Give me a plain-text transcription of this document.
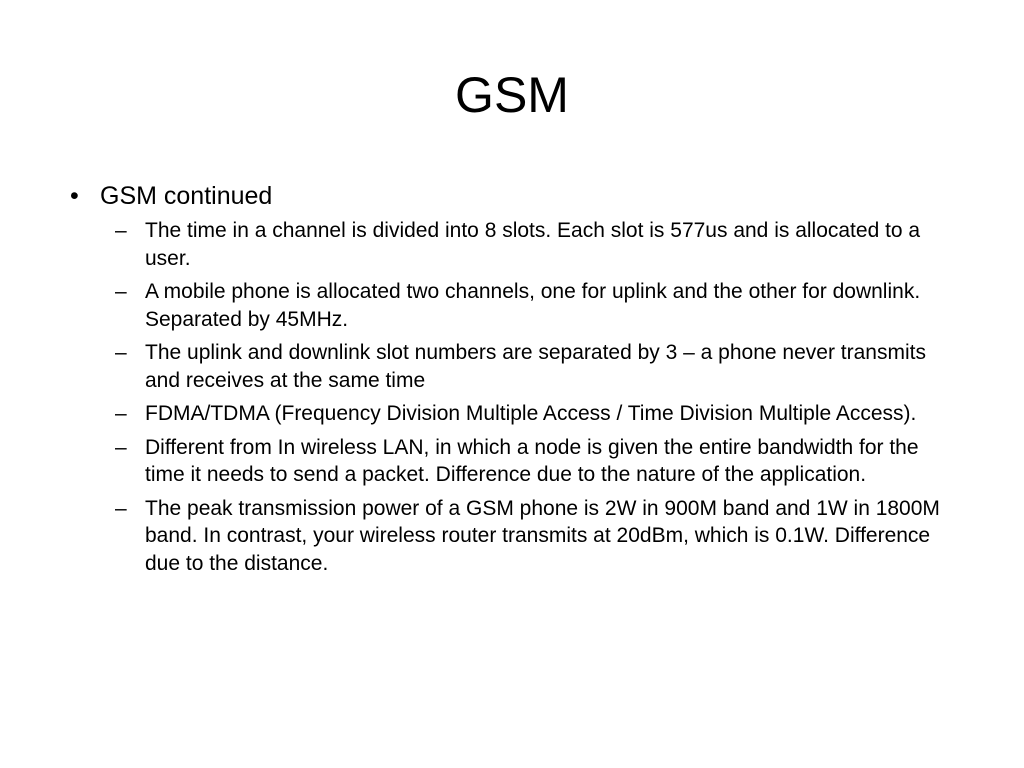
GSM
• GSM continued
– The time in a channel is divided into 8 slots. Each slot is 577us and is allocated to a user.
– A mobile phone is allocated two channels, one for uplink and the other for downlink. Separated by 45MHz.
– The uplink and downlink slot numbers are separated by 3 – a phone never transmits and receives at the same time
– FDMA/TDMA (Frequency Division Multiple Access / Time Division Multiple Access).
– Different from In wireless LAN, in which a node is given the entire bandwidth for the time it needs to send a packet. Difference due to the nature of the application.
– The peak transmission power of a GSM phone is 2W in 900M band and 1W in 1800M band. In contrast, your wireless router transmits at 20dBm, which is 0.1W. Difference due to the distance.
